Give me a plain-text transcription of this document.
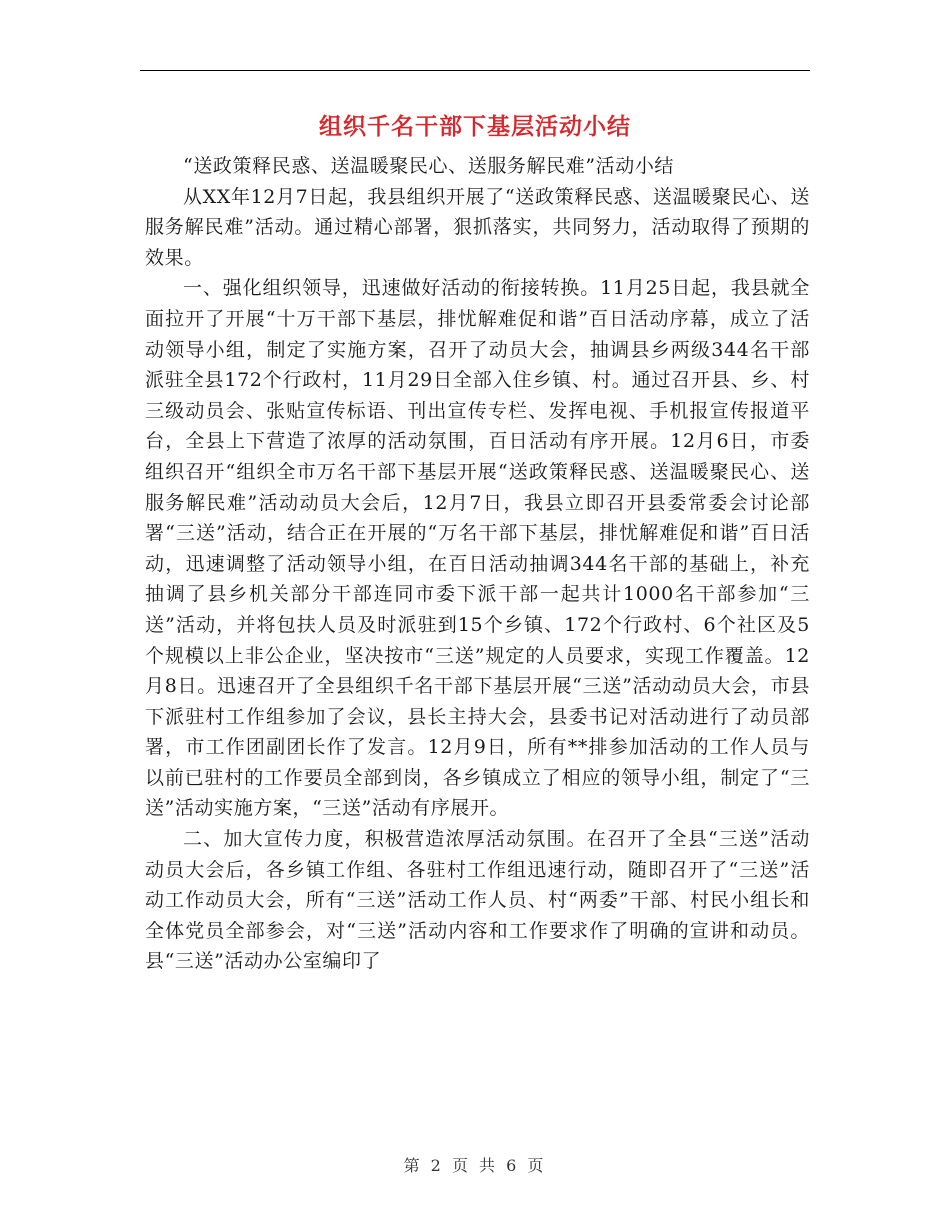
组织千名干部下基层活动小结

“送政策释民惑、送温暖聚民心、送服务解民难”活动小结

从XX年12月7日起，我县组织开展了“送政策释民惑、送温暖聚民心、送服务解民难”活动。通过精心部署，狠抓落实，共同努力，活动取得了预期的效果。

一、强化组织领导，迅速做好活动的衔接转换。11月25日起，我县就全面拉开了开展“十万干部下基层，排忧解难促和谐”百日活动序幕，成立了活动领导小组，制定了实施方案，召开了动员大会，抽调县乡两级344名干部派驻全县172个行政村，11月29日全部入住乡镇、村。通过召开县、乡、村三级动员会、张贴宣传标语、刊出宣传专栏、发挥电视、手机报宣传报道平台，全县上下营造了浓厚的活动氛围，百日活动有序开展。12月6日，市委组织召开“组织全市万名干部下基层开展“送政策释民惑、送温暖聚民心、送服务解民难”活动动员大会后，12月7日，我县立即召开县委常委会讨论部署“三送”活动，结合正在开展的“万名干部下基层，排忧解难促和谐”百日活动，迅速调整了活动领导小组，在百日活动抽调344名干部的基础上，补充抽调了县乡机关部分干部连同市委下派干部一起共计1000名干部参加“三送”活动，并将包扶人员及时派驻到15个乡镇、172个行政村、6个社区及5个规模以上非公企业，坚决按市“三送”规定的人员要求，实现工作覆盖。12月8日。迅速召开了全县组织千名干部下基层开展“三送”活动动员大会，市县下派驻村工作组参加了会议，县长主持大会，县委书记对活动进行了动员部署，市工作团副团长作了发言。12月9日，所有**排参加活动的工作人员与以前已驻村的工作要员全部到岗，各乡镇成立了相应的领导小组，制定了“三送”活动实施方案，“三送”活动有序展开。

二、加大宣传力度，积极营造浓厚活动氛围。在召开了全县“三送”活动动员大会后，各乡镇工作组、各驻村工作组迅速行动，随即召开了“三送”活动工作动员大会，所有“三送”活动工作人员、村“两委”干部、村民小组长和全体党员全部参会，对“三送”活动内容和工作要求作了明确的宣讲和动员。县“三送”活动办公室编印了

第 2 页 共 6 页
